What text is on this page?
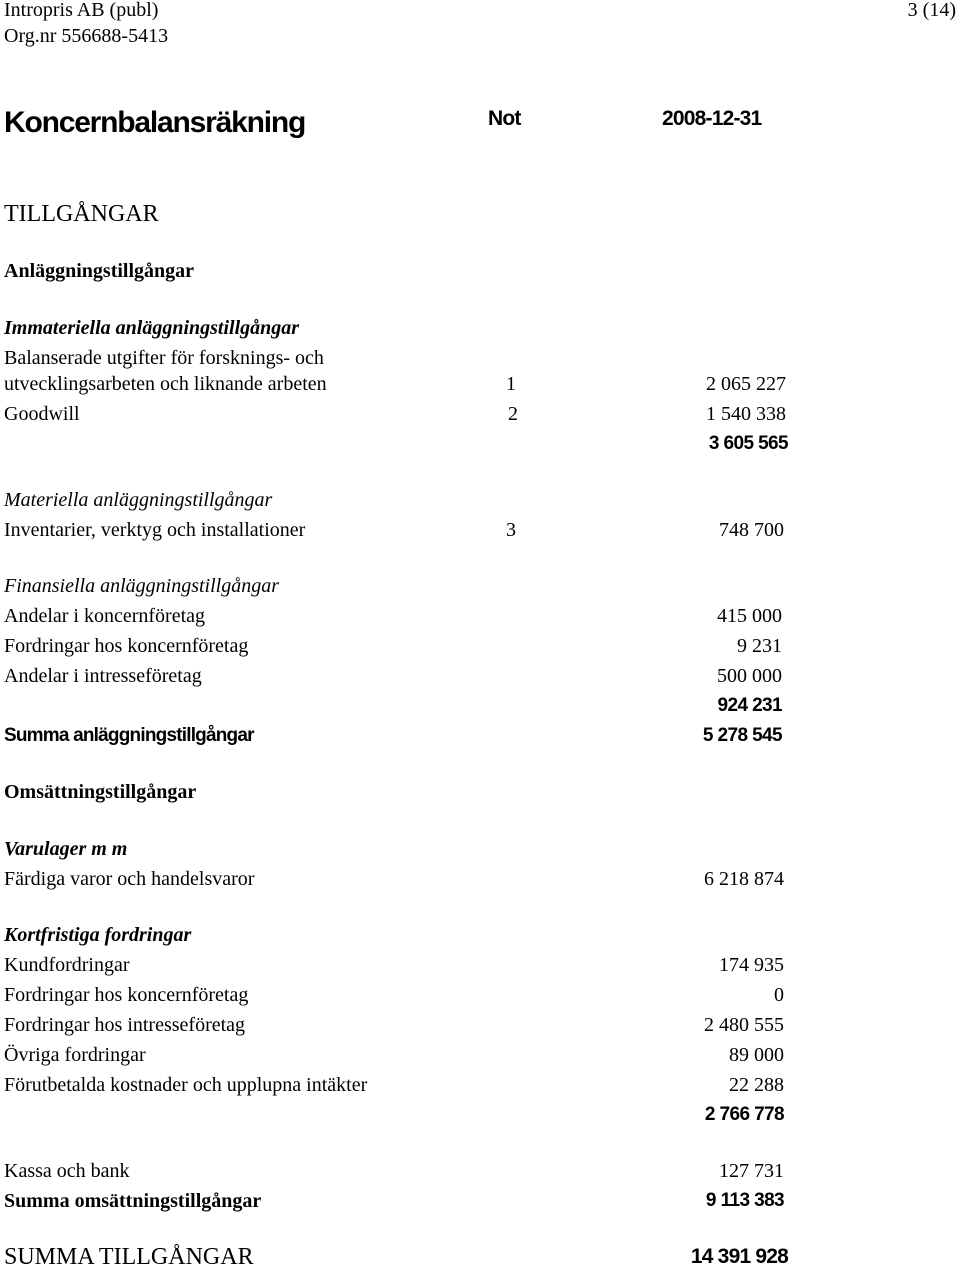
Intropris AB (publ)
Org.nr 556688-5413
3 (14)
Koncernbalansräkning	Not	2008-12-31
TILLGÅNGAR
Anläggningstillgångar
Immateriella anläggningstillgångar
Balanserade utgifter för forsknings- och
utvecklingsarbeten och liknande arbeten	1	2 065 227
Goodwill	2	1 540 338
3 605 565
Materiella anläggningstillgångar
Inventarier, verktyg och installationer	3	748 700
Finansiella anläggningstillgångar
Andelar i koncernföretag	415 000
Fordringar hos koncernföretag	9 231
Andelar i intresseföretag	500 000
924 231
Summa anläggningstillgångar	5 278 545
Omsättningstillgångar
Varulager m m
Färdiga varor och handelsvaror	6 218 874
Kortfristiga fordringar
Kundfordringar	174 935
Fordringar hos koncernföretag	0
Fordringar hos intresseföretag	2 480 555
Övriga fordringar	89 000
Förutbetalda kostnader och upplupna intäkter	22 288
2 766 778
Kassa och bank	127 731
Summa omsättningstillgångar	9 113 383
SUMMA TILLGÅNGAR	14 391 928
